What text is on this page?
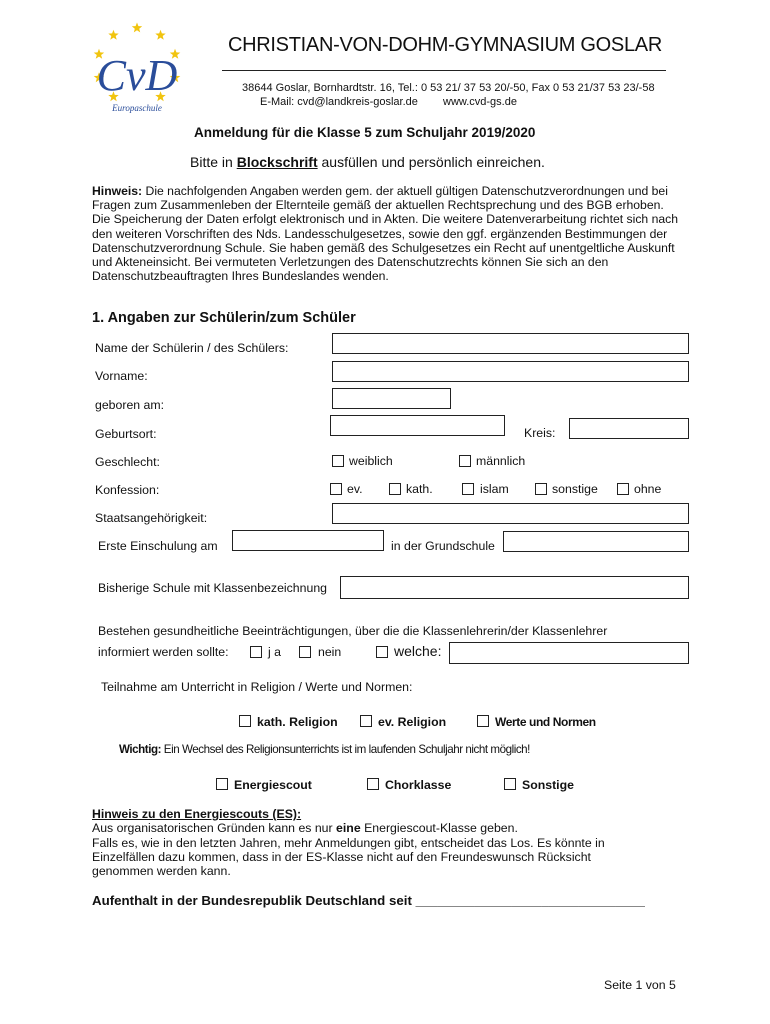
CvD
Europaschule
CHRISTIAN-VON-DOHM-GYMNASIUM GOSLAR
38644 Goslar, Bornhardtstr. 16, Tel.: 0 53 21/ 37 53 20/-50, Fax 0 53 21/37 53 23/-58
E-Mail: cvd@landkreis-goslar.de www.cvd-gs.de
Anmeldung für die Klasse 5 zum Schuljahr 2019/2020
Bitte in Blockschrift ausfüllen und persönlich einreichen.
Hinweis: Die nachfolgenden Angaben werden gem. der aktuell gültigen Datenschutzverordnungen und bei Fragen zum Zusammenleben der Elternteile gemäß der aktuellen Rechtsprechung und des BGB erhoben. Die Speicherung der Daten erfolgt elektronisch und in Akten. Die weitere Datenverarbeitung richtet sich nach den weiteren Vorschriften des Nds. Landesschulgesetzes, sowie den ggf. ergänzenden Bestimmungen der Datenschutzverordnung Schule. Sie haben gemäß des Schulgesetzes ein Recht auf unentgeltliche Auskunft und Akteneinsicht. Bei vermuteten Verletzungen des Datenschutzrechts können Sie sich an den Datenschutzbeauftragten Ihres Bundeslandes wenden.
1. Angaben zur Schülerin/zum Schüler
Name der Schülerin / des Schülers:
Vorname:
geboren am:
Geburtsort:	Kreis:
Geschlecht:	weiblich	männlich
Konfession:	ev.	kath.	islam	sonstige	ohne
Staatsangehörigkeit:
Erste Einschulung am	in der Grundschule
Bisherige Schule mit Klassenbezeichnung
Bestehen gesundheitliche Beeinträchtigungen, über die die Klassenlehrerin/der Klassenlehrer
informiert werden sollte:	j a	nein	welche:
Teilnahme am Unterricht in Religion / Werte und Normen:
kath. Religion	ev. Religion	Werte und Normen
Wichtig: Ein Wechsel des Religionsunterrichts ist im laufenden Schuljahr nicht möglich!
Energiescout	Chorklasse	Sonstige
Hinweis zu den Energiescouts (ES):
Aus organisatorischen Gründen kann es nur eine Energiescout-Klasse geben.
Falls es, wie in den letzten Jahren, mehr Anmeldungen gibt, entscheidet das Los. Es könnte in
Einzelfällen dazu kommen, dass in der ES-Klasse nicht auf den Freundeswunsch Rücksicht
genommen werden kann.
Aufenthalt in der Bundesrepublik Deutschland seit _______________________________
Seite 1 von 5
